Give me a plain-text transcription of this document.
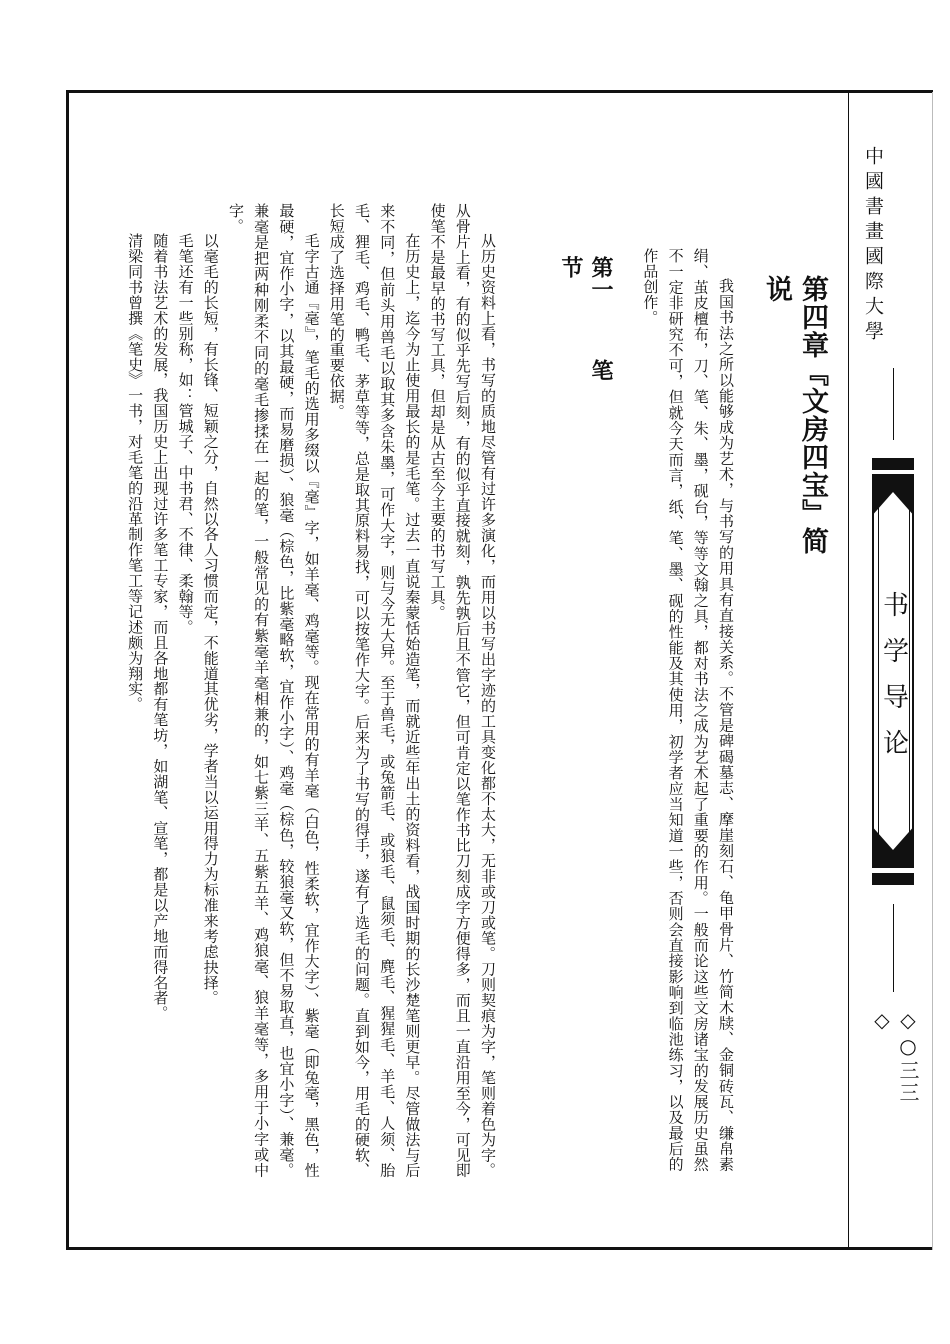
中國書畫國際大學
书学导论
◇○三三◇
第四章『文房四宝』简说
我国书法之所以能够成为艺术，与书写的用具有直接关系。不管是碑碣墓志、摩崖刻石、龟甲骨片、竹简木牍、金铜砖瓦、缣帛素绢、茧皮檀布，刀、笔、朱、墨，砚台，等等文翰之具，都对书法之成为艺术起了重要的作用。一般而论这些文房诸宝的发展历史虽然不一定非研究不可，但就今天而言，纸、笔、墨、砚的性能及其使用，初学者应当知道一些，否则会直接影响到临池练习，以及最后的作品创作。
第一节
笔
从历史资料上看，书写的质地尽管有过许多演化，而用以书写出字迹的工具变化都不太大，无非或刀或笔。刀则契痕为字，笔则着色为字。从骨片上看，有的似乎先写后刻，有的似乎直接就刻，孰先孰后且不管它，但可肯定以笔作书比刀刻成字方便得多，而且一直沿用至今，可见即使笔不是最早的书写工具，但却是从古至今主要的书写工具。
在历史上，迄今为止使用最长的是毛笔。过去一直说秦蒙恬始造笔，而就近些年出土的资料看，战国时期的长沙楚笔则更早。尽管做法与后来不同，但前头用兽毛以取其多含朱墨，可作大字，则与今无大异。至于兽毛，或兔箭毛、或狼毛、鼠须毛、麂毛、猩猩毛、羊毛、人须、胎毛、狸毛、鸡毛、鸭毛、茅草等等，总是取其原料易找，可以按笔作大字。后来为了书写的得手，遂有了选毛的问题。直到如今，用毛的硬软、长短成了选择用笔的重要依据。
毛字古通『毫』，笔毛的选用多缀以『毫』字，如羊毫、鸡毫等。现在常用的有羊毫（白色，性柔软，宜作大字）、紫毫（即兔毫，黑色，性最硬，宜作小字，以其最硬，而易磨损）、狼毫（棕色，比紫毫略软，宜作小字）、鸡毫（棕色，较狼毫又软，但不易取直，也宜小字）、兼毫。兼毫是把两种刚柔不同的毫毛掺揉在一起的笔，一般常见的有紫毫羊毫相兼的，如七紫三羊、五紫五羊、鸡狼毫、狼羊毫等，多用于小字或中字。
以毫毛的长短，有长锋、短颖之分，自然以各人习惯而定，不能道其优劣，学者当以运用得力为标准来考虑抉择。
毛笔还有一些别称，如：管城子、中书君、不律、柔翰等。
随着书法艺术的发展，我国历史上出现过许多笔工专家，而且各地都有笔坊，如湖笔、宣笔，都是以产地而得名者。
清梁同书曾撰《笔史》一书，对毛笔的沿革制作笔工等记述颇为翔实。
